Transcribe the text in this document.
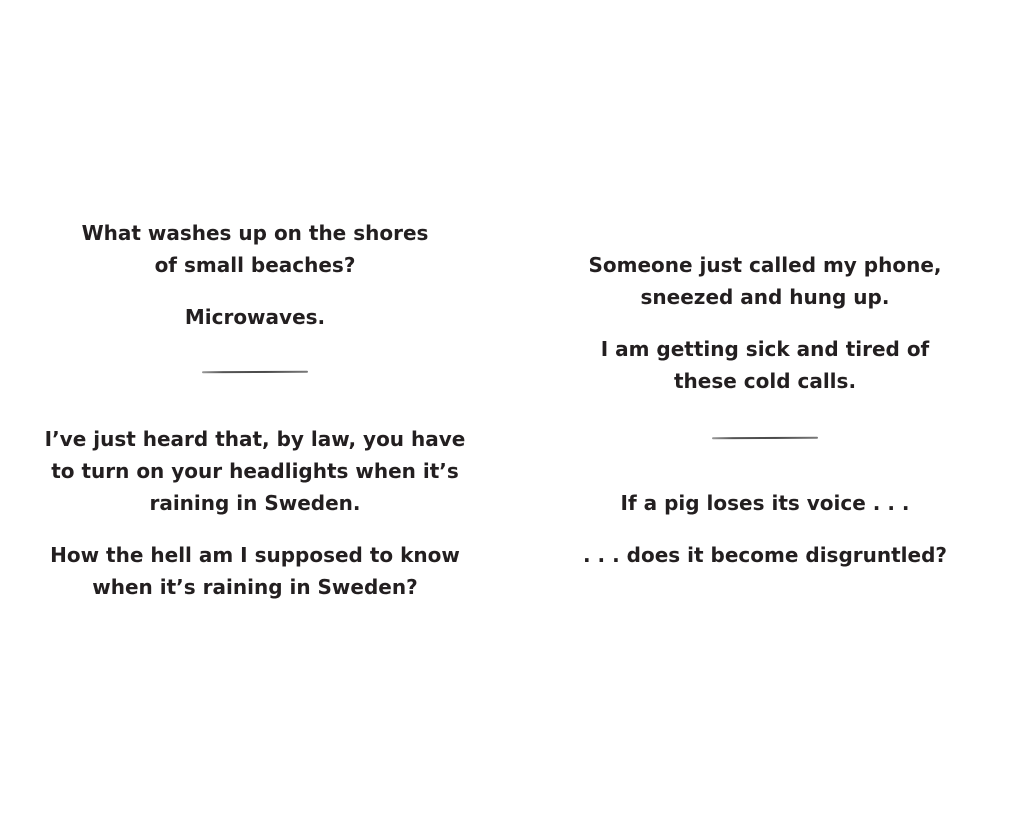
What washes up on the shores of small beaches?

Microwaves.

I’ve just heard that, by law, you have to turn on your headlights when it’s raining in Sweden.

How the hell am I supposed to know when it’s raining in Sweden?

Someone just called my phone, sneezed and hung up.

I am getting sick and tired of these cold calls.

If a pig loses its voice . . .

. . . does it become disgruntled?
